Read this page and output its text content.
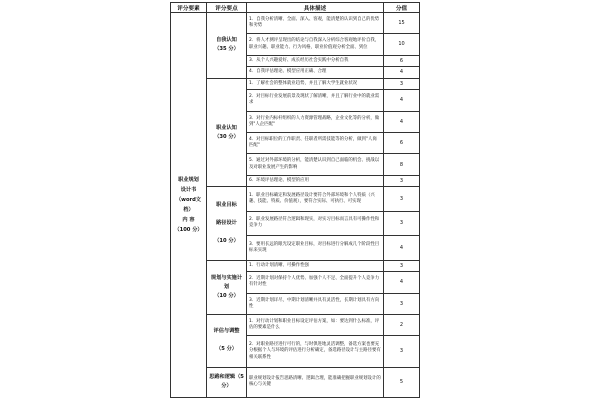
评分要素	评分要点	具体描述	分值

职业规划
设计书
（word文档）
内 容
（100 分）	自我认知
（35 分）	1．自我分析清晰、全面、深入、客观，能清楚的认识到自己的优势和劣势	15
		2．将人才测评呈现出的结论与自我深入分析综合客观地评价自我，职业兴趣、职业能力、行为风格，职业价值观分析全面、到位	10
		3．从个人兴趣爱好、成长经历社会实践中分析自我	6
		4．自我评估理论、模型应用正确、合理	4

	职业认知
（30 分）	1．了解社会的整体就业趋势，并且了解大学生就业状况	3
		2．对目标行业发展前景及现状了解清晰，并且了解行业中的就业需求	4
		3．对行业内标杆组织的人力资源管理战略，企业文化等的分析，做到"人企匹配"	4
		4．对目标职位的工作职责、任职者所需技能等的分析，做到"人岗匹配"	6
		5．通过对外部环境的分析，能清楚认识到自己面临的机会、挑战以及对职业发展产生的影响	8
		6．环境评估理论、模型的应用	3

	职业目标

路径设计

（10 分）	1．职业目标确定和发展路径设计要符合外部环境和个人特质（兴趣、技能、特质、价值观），要符合实际、可执行、可实现	3
		2．职业发展路径符合逻辑和现实，对实习目标而言具有可操作性和竞争力	3
		3．要用长远的眼光设定职业目标，对目标进行分解成几个阶段性目标来实现	4

	规划与实施计
划
（10 分）	1．行动计划清晰、可操作性强	3
		2．近期计划对保持个人优势、加强个人不足、全面提升个人竞争力有针对性	4
		3．近期计划详尽，中期计划清晰并具有灵活性，长期计划具有方向性	3

	评估与调整

（5 分）	1．对行动计划和职业目标设定评估方案，如：要达到什么标准，评估的要素是什么	2
		2．对职业路径进行可行的，与时俱进地灵活调整，备选方案也要充分根据个人与环境的评估进行分析确定，备选路径设计与主路径要有相关联系性	3

	思路和逻辑（5
分）	职业规划设计报告思路清晰、逻辑合理，能准确把握职业规划设计的核心与关键	5
